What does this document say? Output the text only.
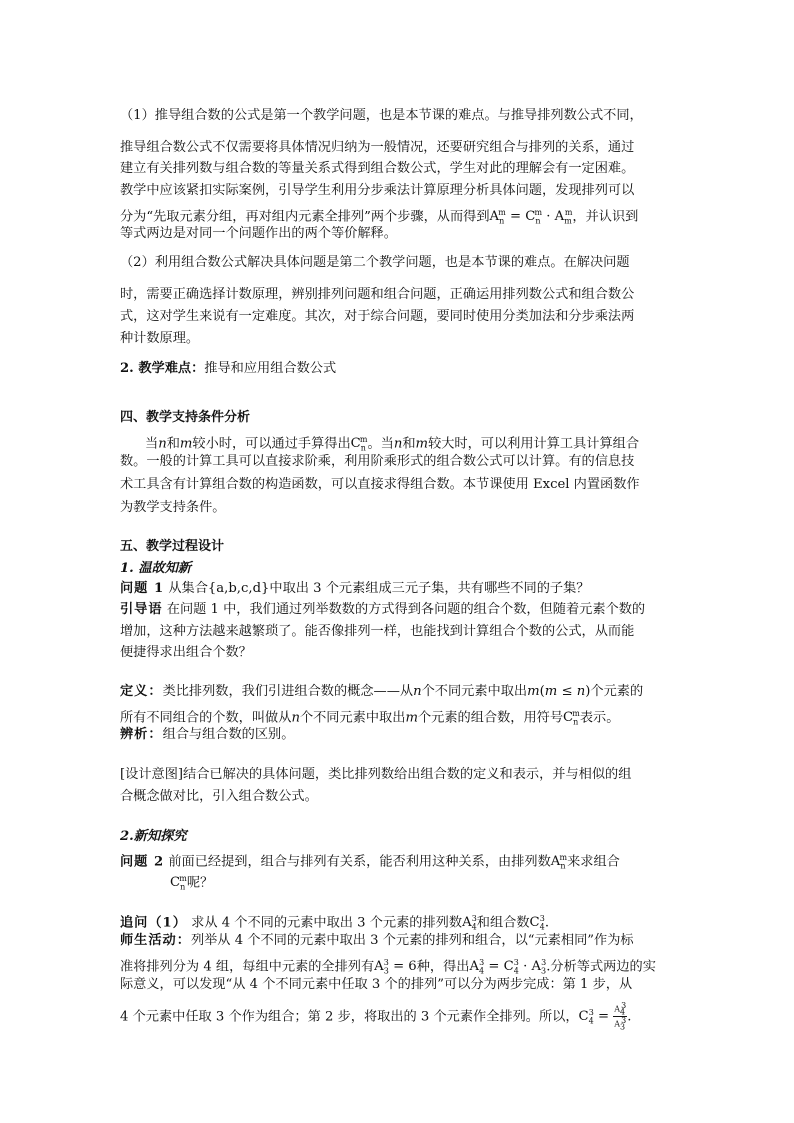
（1）推导组合数的公式是第一个教学问题，也是本节课的难点。与推导排列数公式不同，
推导组合数公式不仅需要将具体情况归纳为一般情况，还要研究组合与排列的关系，通过
建立有关排列数与组合数的等量关系式得到组合数公式，学生对此的理解会有一定困难。
教学中应该紧扣实际案例，引导学生利用分步乘法计算原理分析具体问题，发现排列可以
分为“先取元素分组，再对组内元素全排列”两个步骤，从而得到$A_n^m = C_n^m \cdot A_m^m$，并认识到
等式两边是对同一个问题作出的两个等价解释。
（2）利用组合数公式解决具体问题是第二个教学问题，也是本节课的难点。在解决问题
时，需要正确选择计数原理，辨别排列问题和组合问题，正确运用排列数公式和组合数公
式，这对学生来说有一定难度。其次，对于综合问题，要同时使用分类加法和分步乘法两
种计数原理。
2. 教学难点：推导和应用组合数公式
四、教学支持条件分析
当n和m较小时，可以通过手算得出$C_n^m$。当n和m较大时，可以利用计算工具计算组合
数。一般的计算工具可以直接求阶乘，利用阶乘形式的组合数公式可以计算。有的信息技
术工具含有计算组合数的构造函数，可以直接求得组合数。本节课使用 Excel 内置函数作
为教学支持条件。
五、教学过程设计
1. 温故知新
问题 1 从集合{a,b,c,d}中取出 3 个元素组成三元子集，共有哪些不同的子集？
引导语 在问题 1 中，我们通过列举数数的方式得到各问题的组合个数，但随着元素个数的
增加，这种方法越来越繁琐了。能否像排列一样，也能找到计算组合个数的公式，从而能
便捷得求出组合个数？
定义：类比排列数，我们引进组合数的概念——从n个不同元素中取出m(m ≤ n)个元素的
所有不同组合的个数，叫做从n个不同元素中取出m个元素的组合数，用符号$C_n^m$表示。
辨析：组合与组合数的区别。
[设计意图]结合已解决的具体问题，类比排列数给出组合数的定义和表示，并与相似的组
合概念做对比，引入组合数公式。
2.新知探究
问题 2 前面已经提到，组合与排列有关系，能否利用这种关系，由排列数$A_n^m$来求组合
$C_n^m$呢？
追问（1） 求从 4 个不同的元素中取出 3 个元素的排列数$A_4^3$和组合数$C_4^3$.
师生活动：列举从 4 个不同的元素中取出 3 个元素的排列和组合，以“元素相同”作为标
准将排列分为 4 组，每组中元素的全排列有$A_3^3 = 6$种，得出$A_4^3 = C_4^3 \cdot A_3^3$.分析等式两边的实
际意义，可以发现“从 4 个不同元素中任取 3 个的排列”可以分为两步完成：第 1 步，从
4 个元素中任取 3 个作为组合；第 2 步，将取出的 3 个元素作全排列。所以，$C_4^3 = \frac{A_4^3}{A_3^3}$ .
